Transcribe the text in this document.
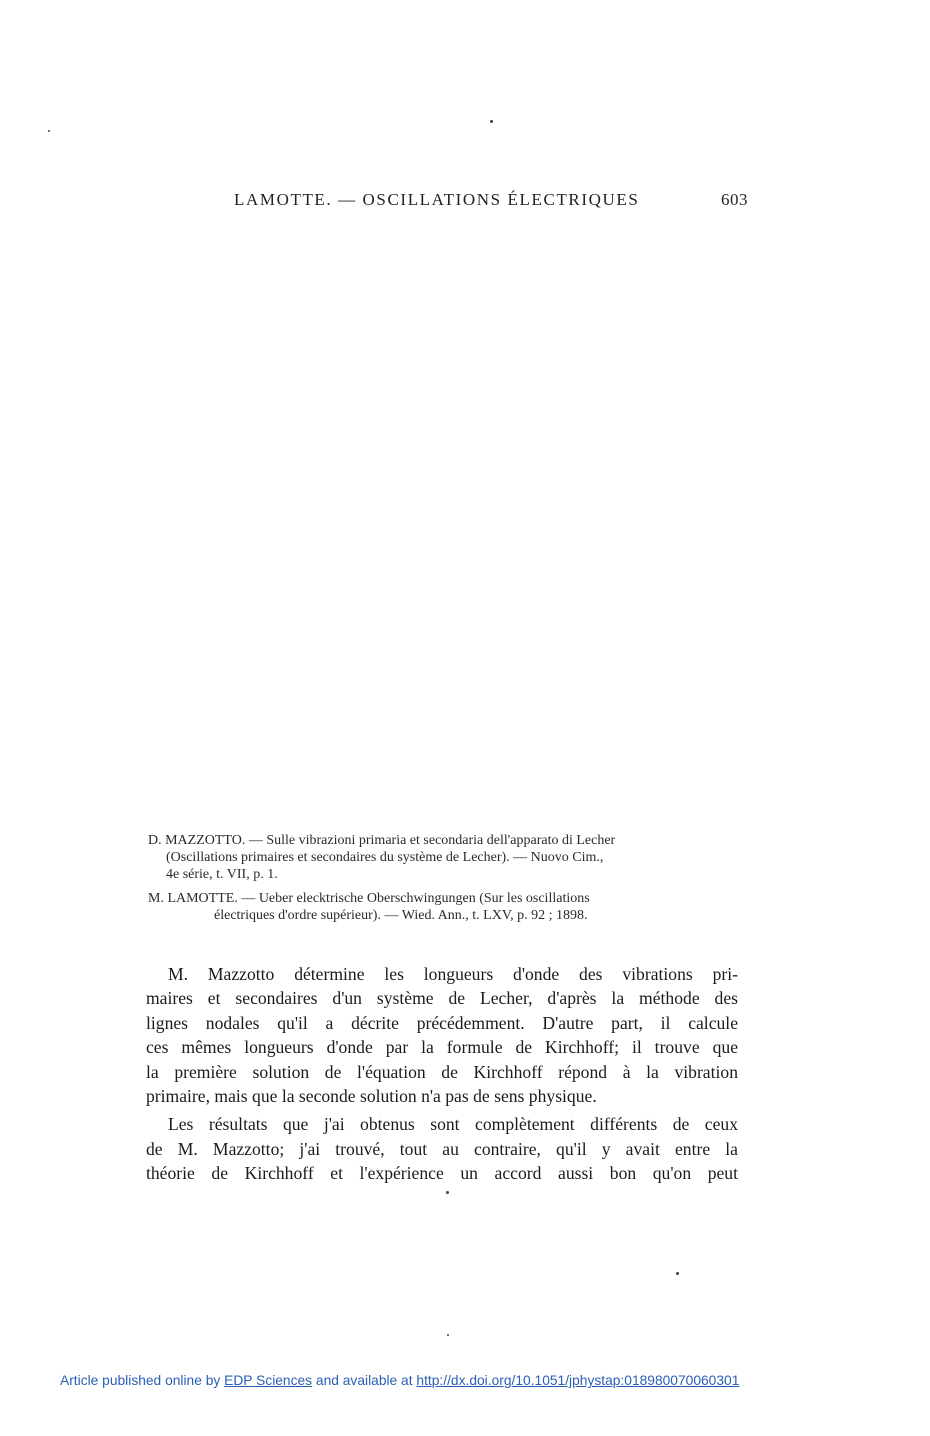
LAMOTTE. — OSCILLATIONS ÉLECTRIQUES	603

D. MAZZOTTO. — Sulle vibrazioni primaria et secondaria dell'apparato di Lecher
(Oscillations primaires et secondaires du système de Lecher). — Nuovo Cim.,
4e série, t. VII, p. 1.

M. LAMOTTE. — Ueber elecktrische Oberschwingungen (Sur les oscillations
électriques d'ordre supérieur). — Wied. Ann., t. LXV, p. 92 ; 1898.

M. Mazzotto détermine les longueurs d'onde des vibrations pri-
maires et secondaires d'un système de Lecher, d'après la méthode des
lignes nodales qu'il a décrite précédemment. D'autre part, il calcule
ces mêmes longueurs d'onde par la formule de Kirchhoff; il trouve que
la première solution de l'équation de Kirchhoff répond à la vibration
primaire, mais que la seconde solution n'a pas de sens physique.
Les résultats que j'ai obtenus sont complètement différents de ceux
de M. Mazzotto; j'ai trouvé, tout au contraire, qu'il y avait entre la
théorie de Kirchhoff et l'expérience un accord aussi bon qu'on peut
Article published online by EDP Sciences and available at http://dx.doi.org/10.1051/jphystap:018980070060301
